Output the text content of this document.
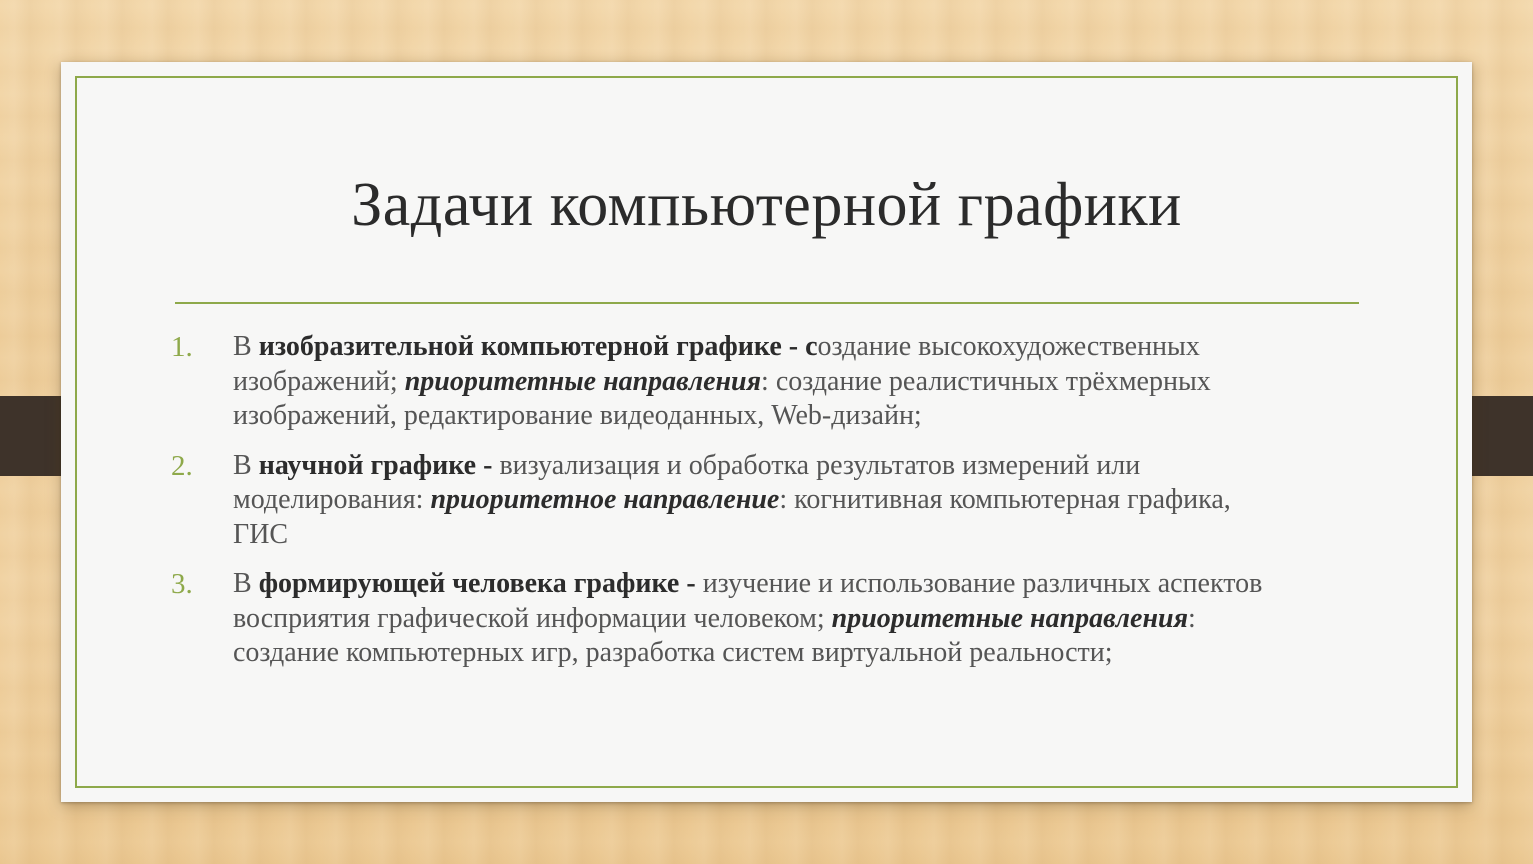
Задачи компьютерной графики
1. В изобразительной компьютерной графике - создание высокохудожественных изображений; приоритетные направления: создание реалистичных трёхмерных изображений, редактирование видеоданных, Web-дизайн;
2. В научной графике - визуализация и обработка результатов измерений или моделирования: приоритетное направление: когнитивная компьютерная графика, ГИС
3. В формирующей человека графике - изучение и использование различных аспектов восприятия графической информации человеком; приоритетные направления: создание компьютерных игр, разработка систем виртуальной реальности;
